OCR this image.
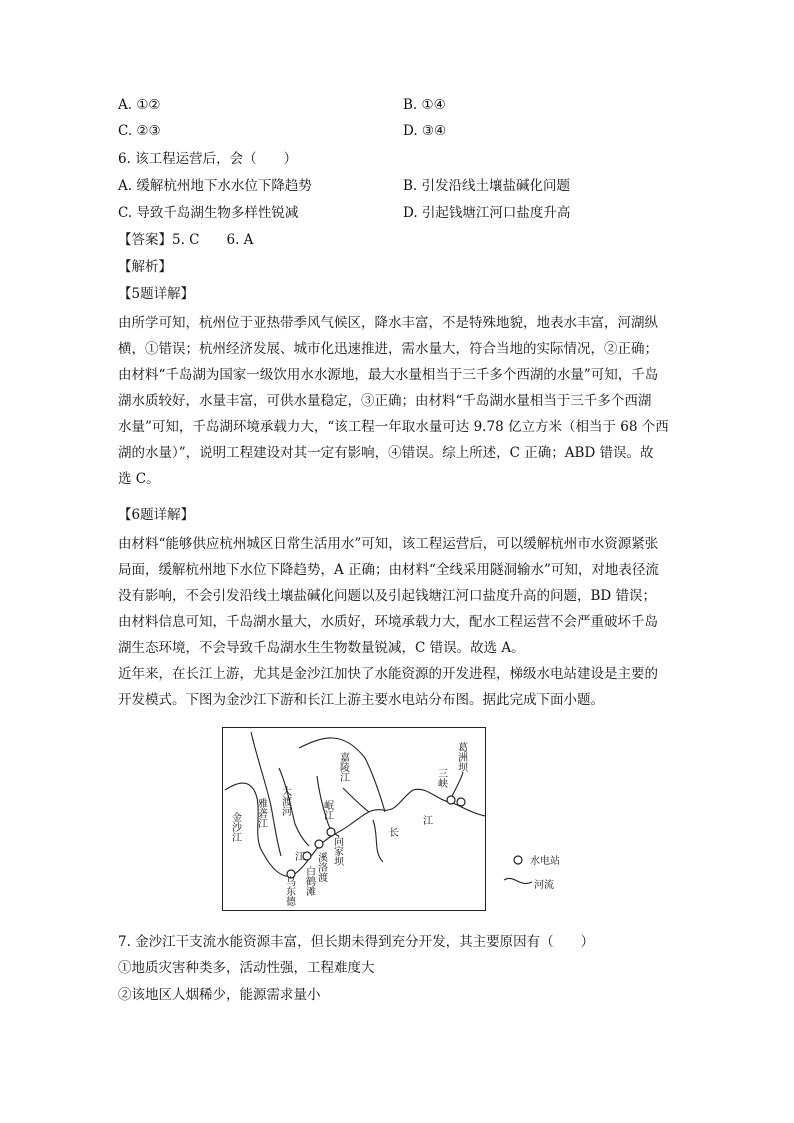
A. ①②	B. ①④
C. ②③	D. ③④
6. 该工程运营后，会（　　）
A. 缓解杭州地下水水位下降趋势	B. 引发沿线土壤盐碱化问题
C. 导致千岛湖生物多样性锐减	D. 引起钱塘江河口盐度升高
【答案】5. C　　6. A
【解析】
【5题详解】
由所学可知，杭州位于亚热带季风气候区，降水丰富，不是特殊地貌，地表水丰富，河湖纵
横，①错误；杭州经济发展、城市化迅速推进，需水量大，符合当地的实际情况，②正确；
由材料“千岛湖为国家一级饮用水水源地，最大水量相当于三千多个西湖的水量”可知，千岛
湖水质较好，水量丰富，可供水量稳定，③正确；由材料“千岛湖水量相当于三千多个西湖
水量”可知，千岛湖环境承载力大，“该工程一年取水量可达 9.78 亿立方米（相当于 68 个西
湖的水量）”，说明工程建设对其一定有影响，④错误。综上所述，C 正确；ABD 错误。故
选 C。
【6题详解】
由材料“能够供应杭州城区日常生活用水”可知，该工程运营后，可以缓解杭州市水资源紧张
局面，缓解杭州地下水位下降趋势，A 正确；由材料“全线采用隧洞输水”可知，对地表径流
没有影响，不会引发沿线土壤盐碱化问题以及引起钱塘江河口盐度升高的问题，BD 错误；
由材料信息可知，千岛湖水量大，水质好，环境承载力大，配水工程运营不会严重破坏千岛
湖生态环境，不会导致千岛湖水生生物数量锐减，C 错误。故选 A。
近年来，在长江上游，尤其是金沙江加快了水能资源的开发进程，梯级水电站建设是主要的
开发模式。下图为金沙江下游和长江上游主要水电站分布图。据此完成下面小题。
金沙江 雅砻江 大渡河
嘉陵江
岷江
长
江
三峡
葛洲坝
向家坝
溪洛渡
白鹤滩
乌东德
江	水电站
河流
7. 金沙江干支流水能资源丰富，但长期未得到充分开发，其主要原因有（　　）
①地质灾害种类多，活动性强，工程难度大
②该地区人烟稀少，能源需求量小
